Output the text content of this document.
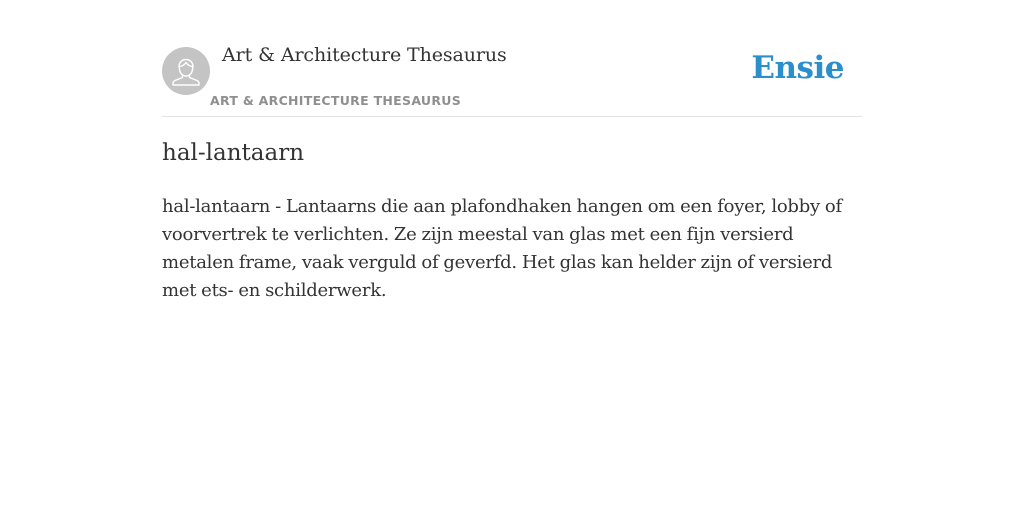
Art & Architecture Thesaurus
ART & ARCHITECTURE THESAURUS
Ensie
hal-lantaarn

hal-lantaarn - Lantaarns die aan plafondhaken hangen om een foyer, lobby of voorvertrek te verlichten. Ze zijn meestal van glas met een fijn versierd metalen frame, vaak verguld of geverfd. Het glas kan helder zijn of versierd met ets- en schilderwerk.
